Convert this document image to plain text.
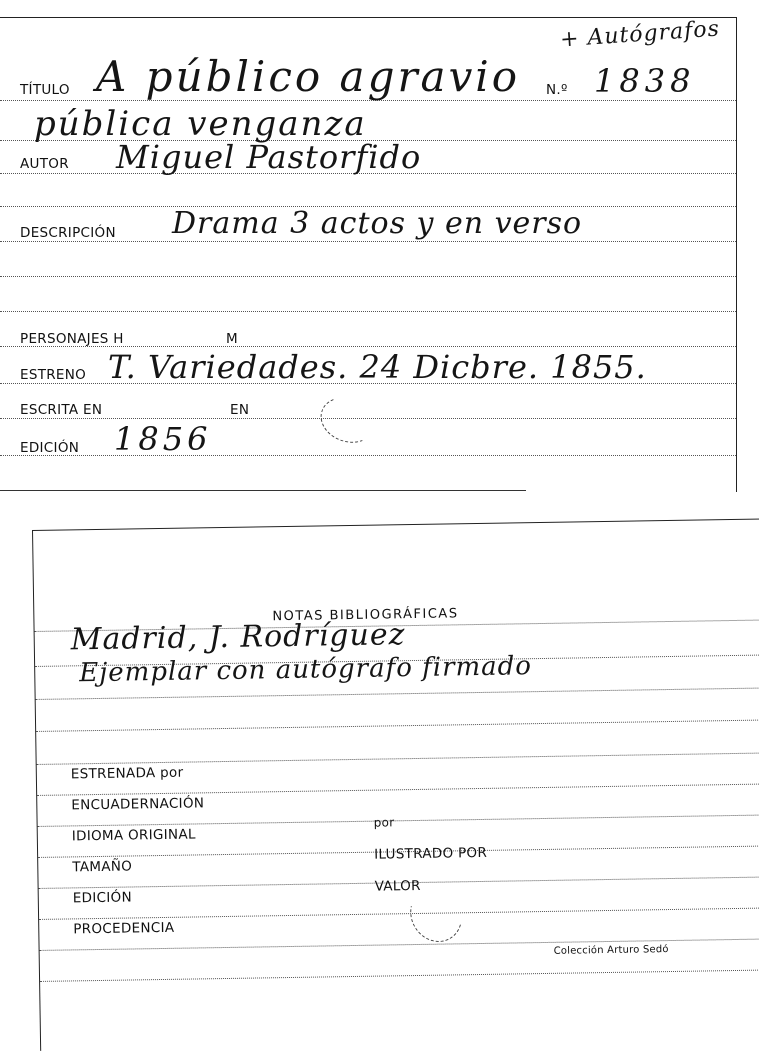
+ Autógrafos
TÍTULO A público agravio N.º 1838
pública venganza
AUTOR Miguel Pastorfido
DESCRIPCIÓN Drama 3 actos y en verso
PERSONAJES H	M
ESTRENO T. Variedades. 24 Dicbre. 1855.
ESCRITA EN	EN
EDICIÓN 1856
NOTAS BIBLIOGRÁFICAS
Madrid, J. Rodríguez
Ejemplar con autógrafo firmado
ESTRENADA por
ENCUADERNACIÓN
IDIOMA ORIGINAL
por
TAMAÑO
ILUSTRADO POR
EDICIÓN
VALOR
PROCEDENCIA
Colección Arturo Sedó
